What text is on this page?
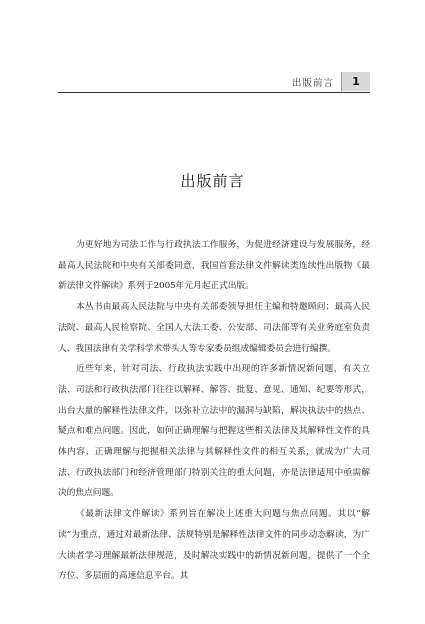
出版前言	1
出版前言

为更好地为司法工作与行政执法工作服务，为促进经济建设与发展服务，经最高人民法院和中央有关部委同意，我国首套法律文件解读类连续性出版物《最新法律文件解读》系列于2005年元月起正式出版。

本丛书由最高人民法院与中央有关部委领导担任主编和特邀顾问；最高人民法院、最高人民检察院、全国人大法工委、公安部、司法部等有关业务庭室负责人、我国法律有关学科学术带头人等专家委员组成编辑委员会进行编撰。

近些年来，针对司法、行政执法实践中出现的许多新情况新问题，有关立法、司法和行政执法部门往往以解释、解答、批复、意见、通知、纪要等形式，出台大量的解释性法律文件，以弥补立法中的漏洞与缺陷，解决执法中的热点、疑点和难点问题。因此，如何正确理解与把握这些相关法律及其解释性文件的具体内容、正确理解与把握相关法律与其解释性文件的相互关系，就成为广大司法、行政执法部门和经济管理部门特别关注的重大问题，亦是法律适用中亟需解决的焦点问题。

《最新法律文件解读》系列旨在解决上述重大问题与焦点问题。其以“解读”为重点，通过对最新法律、法规特别是解释性法律文件的同步动态解读，为广大读者学习理解最新法律规范，及时解决实践中的新情况新问题，提供了一个全方位、多层面的高速信息平台。其
